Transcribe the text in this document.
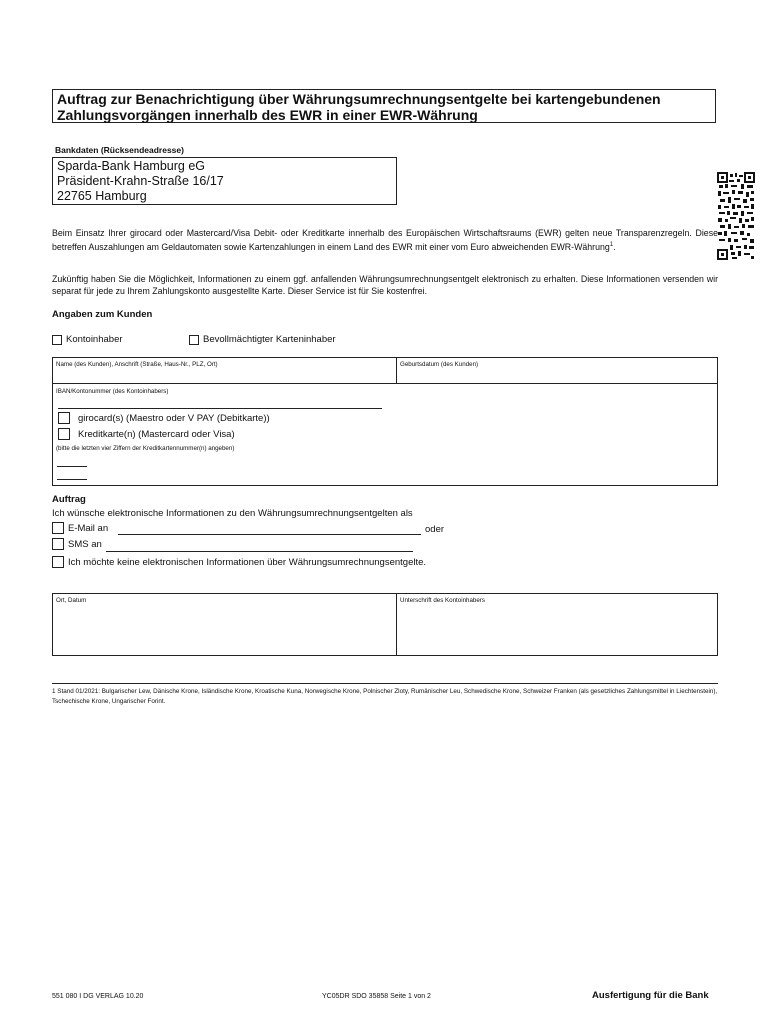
Auftrag zur Benachrichtigung über Währungsumrechnungsentgelte bei kartengebundenen
Zahlungsvorgängen innerhalb des EWR in einer EWR-Währung
Bankdaten (Rücksendeadresse)
Sparda-Bank Hamburg eG
Präsident-Krahn-Straße 16/17
22765 Hamburg
Beim Einsatz Ihrer girocard oder Mastercard/Visa Debit- oder Kreditkarte innerhalb des Europäischen Wirtschaftsraums (EWR) gelten neue Transparenzregeln. Diese betreffen Auszahlungen am Geldautomaten sowie Kartenzahlungen in einem Land des EWR mit einer vom Euro abweichenden EWR-Währung$^1$.
Zukünftig haben Sie die Möglichkeit, Informationen zu einem ggf. anfallenden Währungsumrechnungsentgelt elektronisch zu erhalten. Diese Informationen versenden wir separat für jede zu Ihrem Zahlungskonto ausgestellte Karte. Dieser Service ist für Sie kostenfrei.
Angaben zum Kunden
Kontoinhaber	Bevollmächtigter Karteninhaber
Name (des Kunden), Anschrift (Straße, Haus-Nr., PLZ, Ort)	Geburtsdatum (des Kunden)
IBAN/Kontonummer (des Kontoinhabers)
girocard(s) (Maestro oder V PAY (Debitkarte))
Kreditkarte(n) (Mastercard oder Visa)
(bitte die letzten vier Ziffern der Kreditkartennummer(n) angeben)
Auftrag
Ich wünsche elektronische Informationen zu den Währungsumrechnungsentgelten als
E-Mail an	oder
SMS an
Ich möchte keine elektronischen Informationen über Währungsumrechnungsentgelte.
Ort, Datum	Unterschrift des Kontoinhabers
1 Stand 01/2021: Bulgarischer Lew, Dänische Krone, Isländische Krone, Kroatische Kuna, Norwegische Krone, Polnischer Zloty, Rumänischer Leu, Schwedische Krone, Schweizer Franken (als gesetzliches Zahlungsmittel in Liechtenstein), Tschechische Krone, Ungarischer Forint.
551 080 I DG VERLAG 10.20	YC05DR SDO 35858 Seite 1 von 2	Ausfertigung für die Bank
